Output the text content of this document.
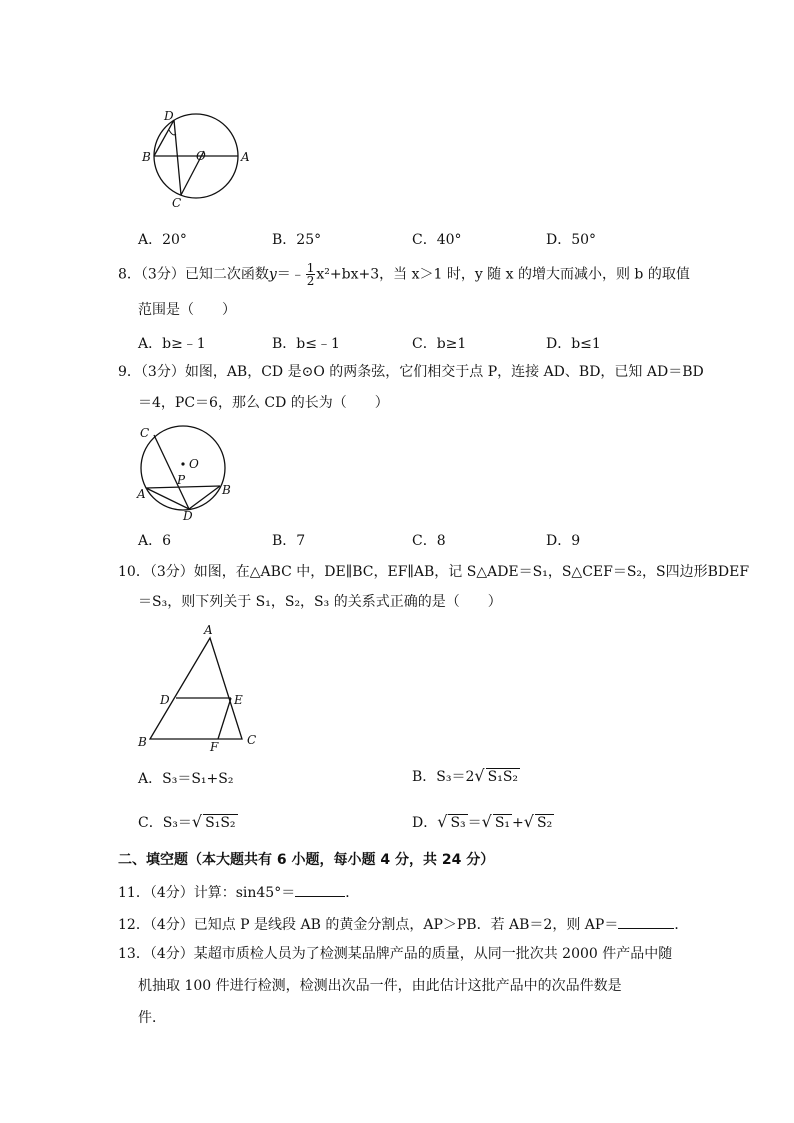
D
B	O	A
C
A．20°	B．25°	C．40°	D．50°
8．（3分）已知二次函数y＝﹣ $\frac{1}{2} x^2+bx+3$，当 x＞1 时，y 随 x 的增大而减小，则 b 的取值
范围是（　　）
A．b≥﹣1	B．b≤﹣1	C．b≥1	D．b≤1
9．（3分）如图，AB，CD 是⊙O 的两条弦，它们相交于点 P，连接 AD、BD，已知 AD＝BD
＝4，PC＝6，那么 CD 的长为（　　）
C
O
P
A	B
D
A．6	B．7	C．8	D．9
10．（3分）如图，在△ABC 中，DE∥BC，EF∥AB，记 S△ADE＝S₁，S△CEF＝S₂，S四边形BDEF
＝S₃，则下列关于 S₁，S₂，S₃ 的关系式正确的是（　　）
A
D	E
B	F C
A．S₃＝S₁+S₂	B．S₃＝2√ S₁S₂
C．S₃＝√ S₁S₂	D．√ S₃ ＝√ S₁ +√ S₂
二、填空题（本大题共有 6 小题，每小题 4 分，共 24 分）
11．（4分）计算：sin45°＝	．
12．（4分）已知点 P 是线段 AB 的黄金分割点，AP＞PB．若 AB＝2，则 AP＝	．
13．（4分）某超市质检人员为了检测某品牌产品的质量，从同一批次共 2000 件产品中随
机抽取 100 件进行检测，检测出次品一件，由此估计这批产品中的次品件数是
件．
